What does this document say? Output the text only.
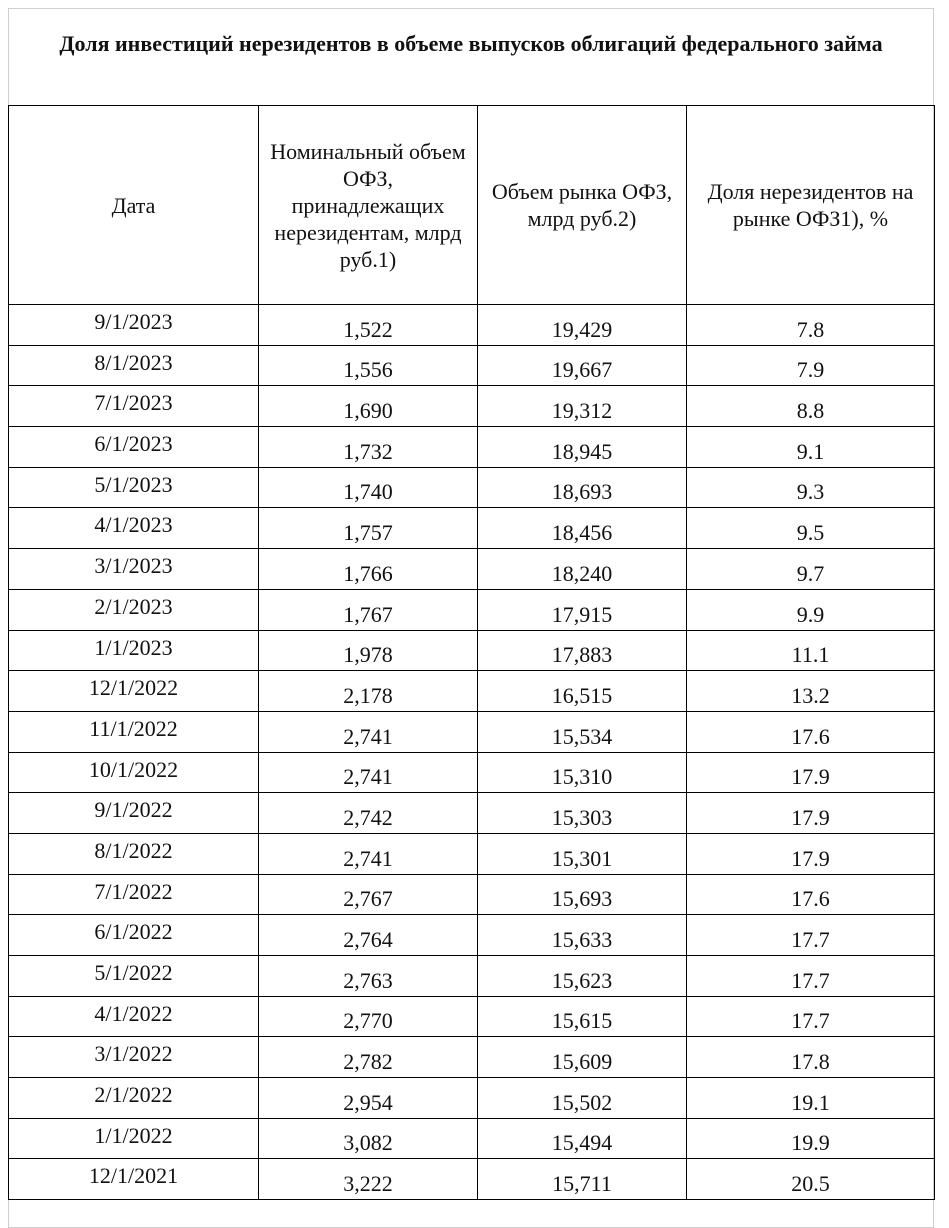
Доля инвестиций нерезидентов в объеме выпусков облигаций федерального займа
Дата	Номинальный объем ОФЗ, принадлежащих нерезидентам, млрд руб.1)	Объем рынка ОФЗ, млрд руб.2)	Доля нерезидентов на рынке ОФЗ1), %
9/1/2023	1,522	19,429	7.8
8/1/2023	1,556	19,667	7.9
7/1/2023	1,690	19,312	8.8
6/1/2023	1,732	18,945	9.1
5/1/2023	1,740	18,693	9.3
4/1/2023	1,757	18,456	9.5
3/1/2023	1,766	18,240	9.7
2/1/2023	1,767	17,915	9.9
1/1/2023	1,978	17,883	11.1
12/1/2022	2,178	16,515	13.2
11/1/2022	2,741	15,534	17.6
10/1/2022	2,741	15,310	17.9
9/1/2022	2,742	15,303	17.9
8/1/2022	2,741	15,301	17.9
7/1/2022	2,767	15,693	17.6
6/1/2022	2,764	15,633	17.7
5/1/2022	2,763	15,623	17.7
4/1/2022	2,770	15,615	17.7
3/1/2022	2,782	15,609	17.8
2/1/2022	2,954	15,502	19.1
1/1/2022	3,082	15,494	19.9
12/1/2021	3,222	15,711	20.5
